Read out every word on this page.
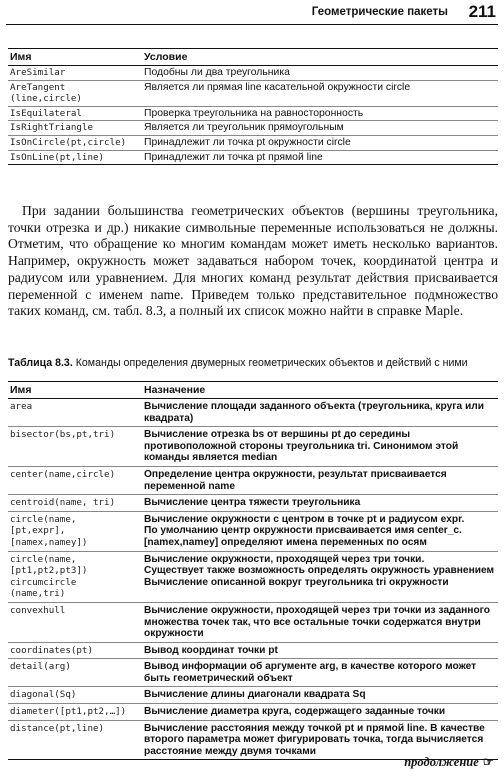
Геометрические пакеты 211
Имя	Условие
AreSimilar	Подобны ли два треугольника
AreTangent
(line,circle)	Является ли прямая line касательной окружности circle
IsEquilateral	Проверка треугольника на равносторонность
IsRightTriangle	Является ли треугольник прямоугольным
IsOnCircle(pt,circle)	Принадлежит ли точка pt окружности circle
IsOnLine(pt,line)	Принадлежит ли точка pt прямой line

При задании большинства геометрических объектов (вершины треугольника, точки отрезка и др.) никакие символьные переменные использоваться не должны. Отметим, что обращение ко многим командам может иметь несколько вариантов. Например, окружность может задаваться набором точек, координатой центра и радиусом или уравнением. Для многих команд результат действия присваивается переменной с именем name. Приведем только представительное подмножество таких команд, см. табл. 8.3, а полный их список можно найти в справке Maple.

Таблица 8.3. Команды определения двумерных геометрических объектов и действий с ними
Имя	Назначение
area	Вычисление площади заданного объекта (треугольника, круга или квадрата)
bisector(bs,pt,tri)	Вычисление отрезка bs от вершины pt до середины противоположной стороны треугольника tri. Синонимом этой команды является median
center(name,circle)	Определение центра окружности, результат присваивается переменной name
centroid(name, tri)	Вычисление центра тяжести треугольника
circle(name,
[pt,expr],
[namex,namey])	Вычисление окружности с центром в точке pt и радиусом expr.
По умолчанию центр окружности присваивается имя center_c.
[namex,namey] определяют имена переменных по осям
circle(name,
[pt1,pt2,pt3])
circumcircle
(name,tri)	Вычисление окружности, проходящей через три точки.
Существует также возможность определять окружность уравнением
Вычисление описанной вокруг треугольника tri окружности
convexhull	Вычисление окружности, проходящей через три точки из заданного множества точек так, что все остальные точки содержатся внутри окружности
coordinates(pt)	Вывод координат точки pt
detail(arg)	Вывод информации об аргументе arg, в качестве которого может быть геометрический объект
diagonal(Sq)	Вычисление длины диагонали квадрата Sq
diameter([pt1,pt2,…])	Вычисление диаметра круга, содержащего заданные точки
distance(pt,line)	Вычисление расстояния между точкой pt и прямой line. В качестве второго параметра может фигурировать точка, тогда вычисляется расстояние между двумя точками
продолжение ☞
